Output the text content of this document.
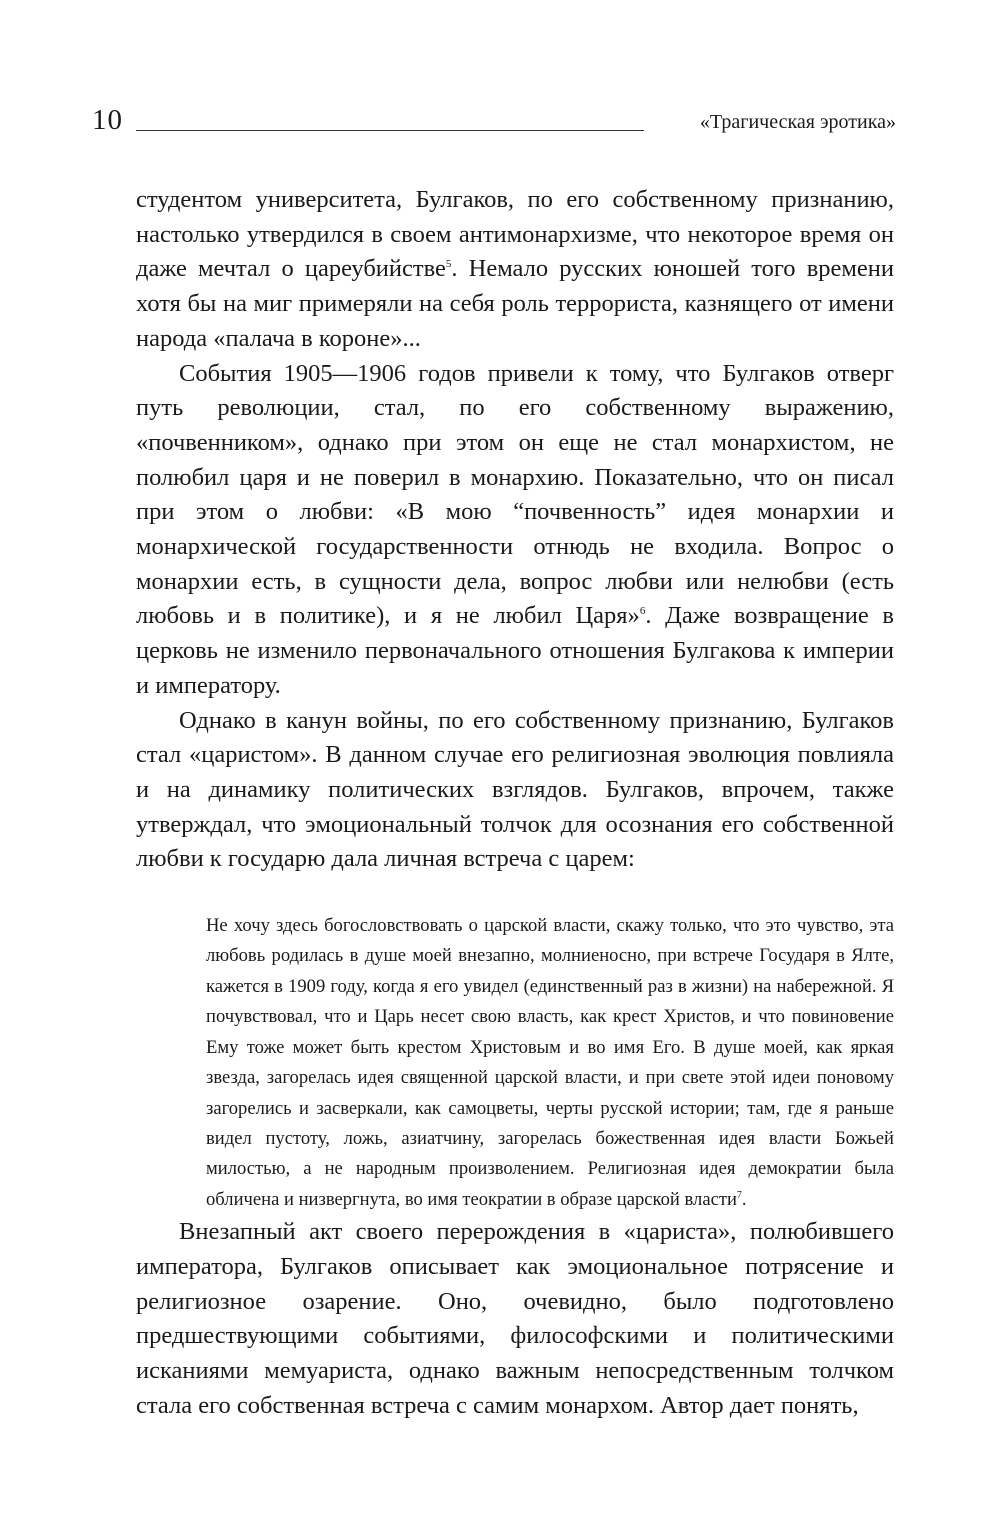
10	«Трагическая эротика»

студентом университета, Булгаков, по его собственному признанию, настолько утвердился в своем антимонархизме, что некоторое время он даже мечтал о цареубийстве$^5$. Немало русских юношей того времени хотя бы на миг примеряли на себя роль террориста, казнящего от имени народа «палача в короне»...

События 1905—1906 годов привели к тому, что Булгаков отверг путь революции, стал, по его собственному выражению, «почвенником», однако при этом он еще не стал монархистом, не полюбил царя и не поверил в монархию. Показательно, что он писал при этом о любви: «В мою “почвенность” идея монархии и монархической государственности отнюдь не входила. Вопрос о монархии есть, в сущности дела, вопрос любви или нелюбви (есть любовь и в политике), и я не любил Царя»$^6$. Даже возвращение в церковь не изменило первоначального отношения Булгакова к империи и императору.

Однако в канун войны, по его собственному признанию, Булгаков стал «царистом». В данном случае его религиозная эволюция повлияла и на динамику политических взглядов. Булгаков, впрочем, также утверждал, что эмоциональный толчок для осознания его собственной любви к государю дала личная встреча с царем:

Не хочу здесь богословствовать о царской власти, скажу только, что это чувство, эта любовь родилась в душе моей внезапно, молниеносно, при встрече Государя в Ялте, кажется в 1909 году, когда я его увидел (единственный раз в жизни) на набережной. Я почувствовал, что и Царь несет свою власть, как крест Христов, и что повиновение Ему тоже может быть крестом Христовым и во имя Его. В душе моей, как яркая звезда, загорелась идея священной царской власти, и при свете этой идеи поновому загорелись и засверкали, как самоцветы, черты русской истории; там, где я раньше видел пустоту, ложь, азиатчину, загорелась божественная идея власти Божьей милостью, а не народным произволением. Религиозная идея демократии была обличена и низвергнута, во имя теократии в образе царской власти$^7$.

Внезапный акт своего перерождения в «цариста», полюбившего императора, Булгаков описывает как эмоциональное потрясение и религиозное озарение. Оно, очевидно, было подготовлено предшествующими событиями, философскими и политическими исканиями мемуариста, однако важным непосредственным толчком стала его собственная встреча с самим монархом. Автор дает понять,
